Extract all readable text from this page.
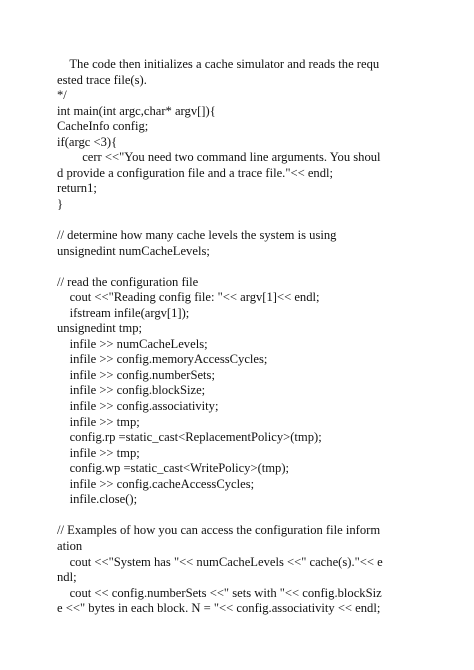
The code then initializes a cache simulator and reads the requ
ested trace file(s).
*/
int main(int argc,char* argv[]){
CacheInfo config;
if(argc <3){
cerr <<"You need two command line arguments. You shoul
d provide a configuration file and a trace file."<< endl;
return1;
}
// determine how many cache levels the system is using
unsignedint numCacheLevels;
// read the configuration file
cout <<"Reading config file: "<< argv[1]<< endl;
ifstream infile(argv[1]);
unsignedint tmp;
infile >> numCacheLevels;
infile >> config.memoryAccessCycles;
infile >> config.numberSets;
infile >> config.blockSize;
infile >> config.associativity;
infile >> tmp;
config.rp =static_cast<ReplacementPolicy>(tmp);
infile >> tmp;
config.wp =static_cast<WritePolicy>(tmp);
infile >> config.cacheAccessCycles;
infile.close();
// Examples of how you can access the configuration file inform
ation
cout <<"System has "<< numCacheLevels <<" cache(s)."<< e
ndl;
cout << config.numberSets <<" sets with "<< config.blockSiz
e <<" bytes in each block. N = "<< config.associativity << endl;
